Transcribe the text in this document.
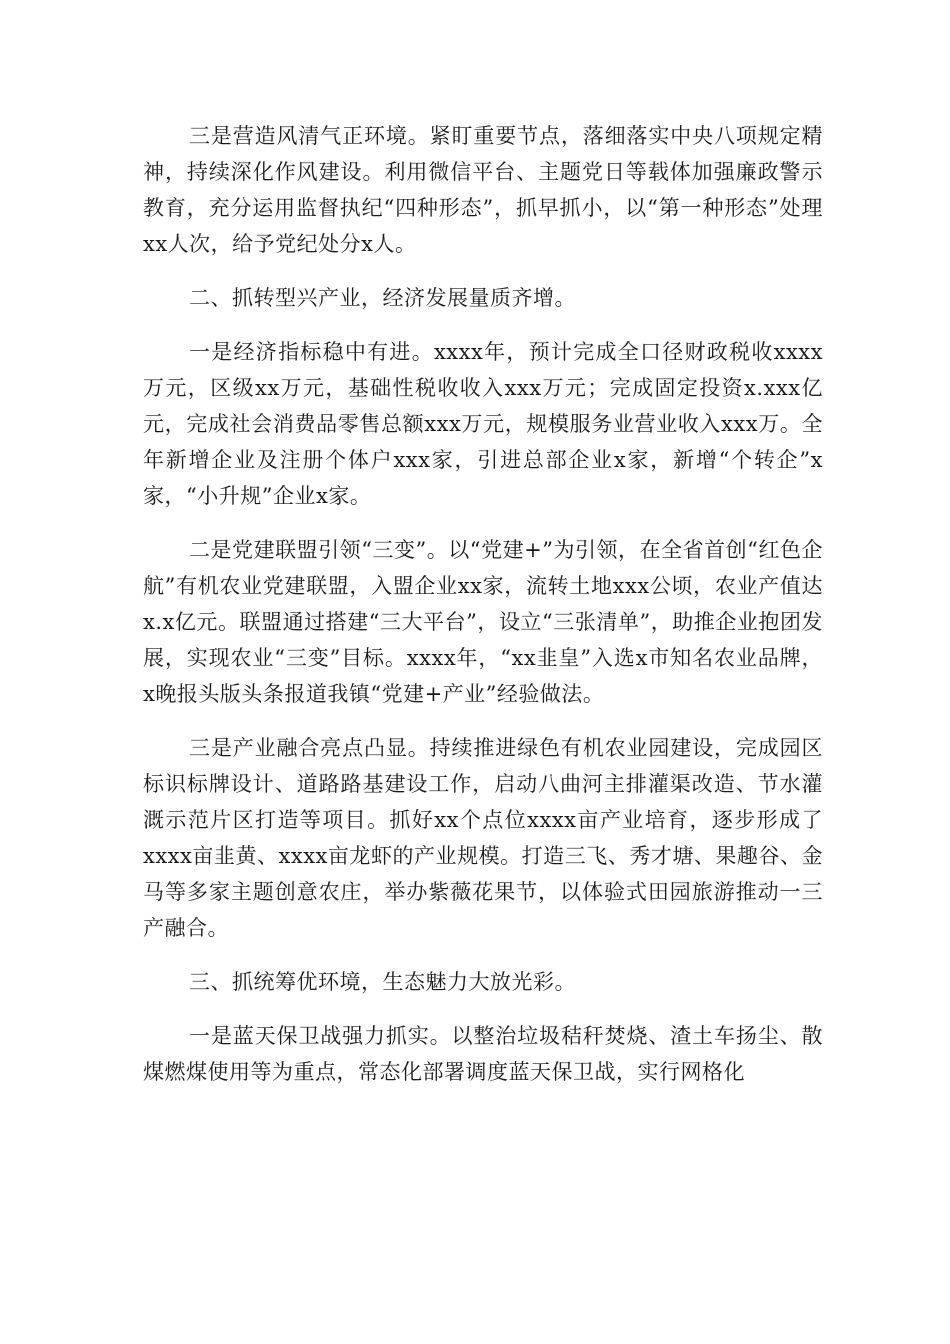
三是营造风清气正环境。紧盯重要节点，落细落实中央八项规定精神，持续深化作风建设。利用微信平台、主题党日等载体加强廉政警示教育，充分运用监督执纪“四种形态”，抓早抓小，以“第一种形态”处理xx人次，给予党纪处分x人。

二、抓转型兴产业，经济发展量质齐增。

一是经济指标稳中有进。xxxx年，预计完成全口径财政税收xxxx万元，区级xx万元，基础性税收收入xxx万元；完成固定投资x.xxx亿元，完成社会消费品零售总额xxx万元，规模服务业营业收入xxx万。全年新增企业及注册个体户xxx家，引进总部企业x家，新增“个转企”x家，“小升规”企业x家。

二是党建联盟引领“三变”。以“党建+”为引领，在全省首创“红色企航”有机农业党建联盟，入盟企业xx家，流转土地xxx公顷，农业产值达x.x亿元。联盟通过搭建“三大平台”，设立“三张清单”，助推企业抱团发展，实现农业“三变”目标。xxxx年，“xx韭皇”入选x市知名农业品牌，x晚报头版头条报道我镇“党建+产业”经验做法。

三是产业融合亮点凸显。持续推进绿色有机农业园建设，完成园区标识标牌设计、道路路基建设工作，启动八曲河主排灌渠改造、节水灌溉示范片区打造等项目。抓好xx个点位xxxx亩产业培育，逐步形成了xxxx亩韭黄、xxxx亩龙虾的产业规模。打造三飞、秀才塘、果趣谷、金马等多家主题创意农庄，举办紫薇花果节，以体验式田园旅游推动一三产融合。

三、抓统筹优环境，生态魅力大放光彩。

一是蓝天保卫战强力抓实。以整治垃圾秸秆焚烧、渣土车扬尘、散煤燃煤使用等为重点，常态化部署调度蓝天保卫战，实行网格化
